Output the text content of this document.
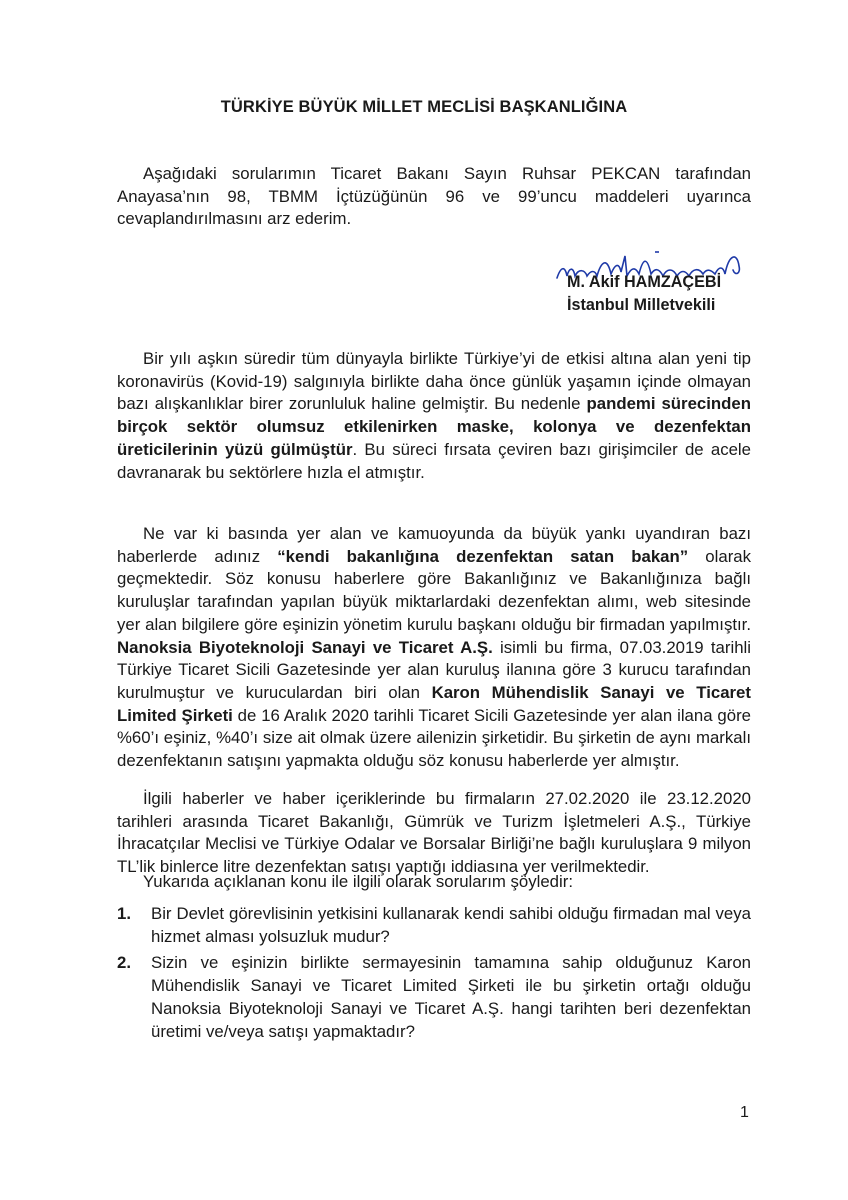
TÜRKİYE BÜYÜK MİLLET MECLİSİ BAŞKANLIĞINA

Aşağıdaki sorularımın Ticaret Bakanı Sayın Ruhsar PEKCAN tarafından Anayasa’nın 98, TBMM İçtüzüğünün 96 ve 99’uncu maddeleri uyarınca cevaplandırılmasını arz ederim.

M. Akif HAMZAÇEBİ
İstanbul Milletvekili

Bir yılı aşkın süredir tüm dünyayla birlikte Türkiye’yi de etkisi altına alan yeni tip koronavirüs (Kovid-19) salgınıyla birlikte daha önce günlük yaşamın içinde olmayan bazı alışkanlıklar birer zorunluluk haline gelmiştir. Bu nedenle pandemi sürecinden birçok sektör olumsuz etkilenirken maske, kolonya ve dezenfektan üreticilerinin yüzü gülmüştür. Bu süreci fırsata çeviren bazı girişimciler de acele davranarak bu sektörlere hızla el atmıştır.

Ne var ki basında yer alan ve kamuoyunda da büyük yankı uyandıran bazı haberlerde adınız “kendi bakanlığına dezenfektan satan bakan” olarak geçmektedir. Söz konusu haberlere göre Bakanlığınız ve Bakanlığınıza bağlı kuruluşlar tarafından yapılan büyük miktarlardaki dezenfektan alımı, web sitesinde yer alan bilgilere göre eşinizin yönetim kurulu başkanı olduğu bir firmadan yapılmıştır. Nanoksia Biyoteknoloji Sanayi ve Ticaret A.Ş. isimli bu firma, 07.03.2019 tarihli Türkiye Ticaret Sicili Gazetesinde yer alan kuruluş ilanına göre 3 kurucu tarafından kurulmuştur ve kuruculardan biri olan Karon Mühendislik Sanayi ve Ticaret Limited Şirketi de 16 Aralık 2020 tarihli Ticaret Sicili Gazetesinde yer alan ilana göre %60’ı eşiniz, %40’ı size ait olmak üzere ailenizin şirketidir. Bu şirketin de aynı markalı dezenfektanın satışını yapmakta olduğu söz konusu haberlerde yer almıştır.

İlgili haberler ve haber içeriklerinde bu firmaların 27.02.2020 ile 23.12.2020 tarihleri arasında Ticaret Bakanlığı, Gümrük ve Turizm İşletmeleri A.Ş., Türkiye İhracatçılar Meclisi ve Türkiye Odalar ve Borsalar Birliği’ne bağlı kuruluşlara 9 milyon TL’lik binlerce litre dezenfektan satışı yaptığı iddiasına yer verilmektedir.

Yukarıda açıklanan konu ile ilgili olarak sorularım şöyledir:

1. Bir Devlet görevlisinin yetkisini kullanarak kendi sahibi olduğu firmadan mal veya hizmet alması yolsuzluk mudur?
2. Sizin ve eşinizin birlikte sermayesinin tamamına sahip olduğunuz Karon Mühendislik Sanayi ve Ticaret Limited Şirketi ile bu şirketin ortağı olduğu Nanoksia Biyoteknoloji Sanayi ve Ticaret A.Ş. hangi tarihten beri dezenfektan üretimi ve/veya satışı yapmaktadır?
1
